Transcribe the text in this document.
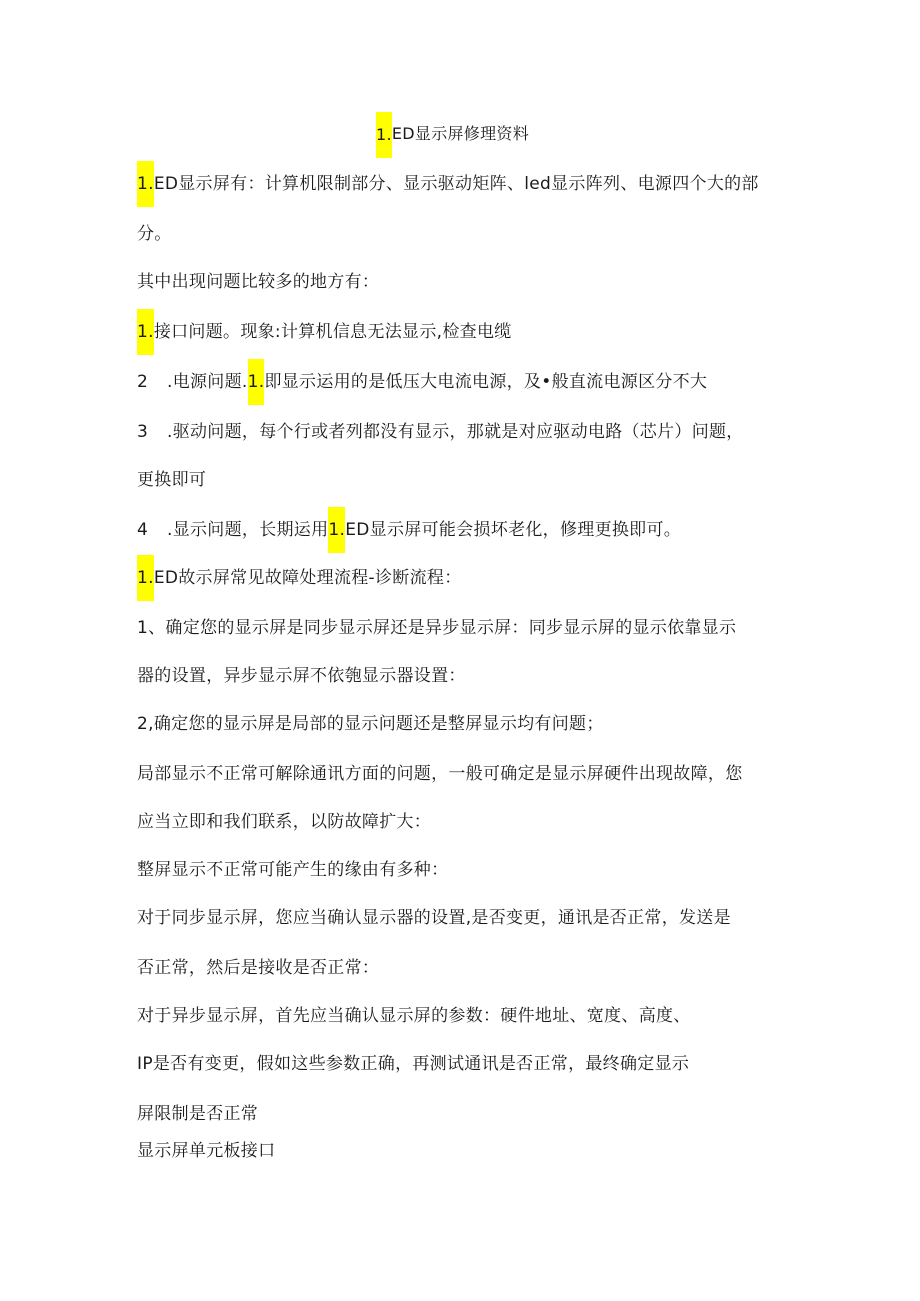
1.ED显示屏修理资料
1.ED显示屏有：计算机限制部分、显示驱动矩阵、led显示阵列、电源四个大的部
分。
其中出现问题比较多的地方有：
1.接口问题。现象:计算机信息无法显示,检查电缆
2 .电源问题.1.即显示运用的是低压大电流电源，及•般直流电源区分不大
3 .驱动问题，每个行或者列都没有显示，那就是对应驱动电路（芯片）问题，
更换即可
4 .显示问题，长期运用1.ED显示屏可能会损坏老化，修理更换即可。
1.ED故示屏常见故障处理流程-诊断流程：
1、确定您的显示屏是同步显示屏还是异步显示屏：同步显示屏的显示依靠显示
器的设置，异步显示屏不依匏显示器设置：
2,确定您的显示屏是局部的显示问题还是整屏显示均有问题；
局部显示不正常可解除通讯方面的问题，一般可确定是显示屏硬件出现故障，您
应当立即和我们联系，以防故障扩大：
整屏显示不正常可能产生的缘由有多种：
对于同步显示屏，您应当确认显示器的设置,是否变更，通讯是否正常，发送是
否正常，然后是接收是否正常：
对于异步显示屏，首先应当确认显示屏的参数：硬件地址、宽度、高度、
IP是否有变更，假如这些参数正确，再测试通讯是否正常，最终确定显示
屏限制是否正常
显示屏单元板接口
